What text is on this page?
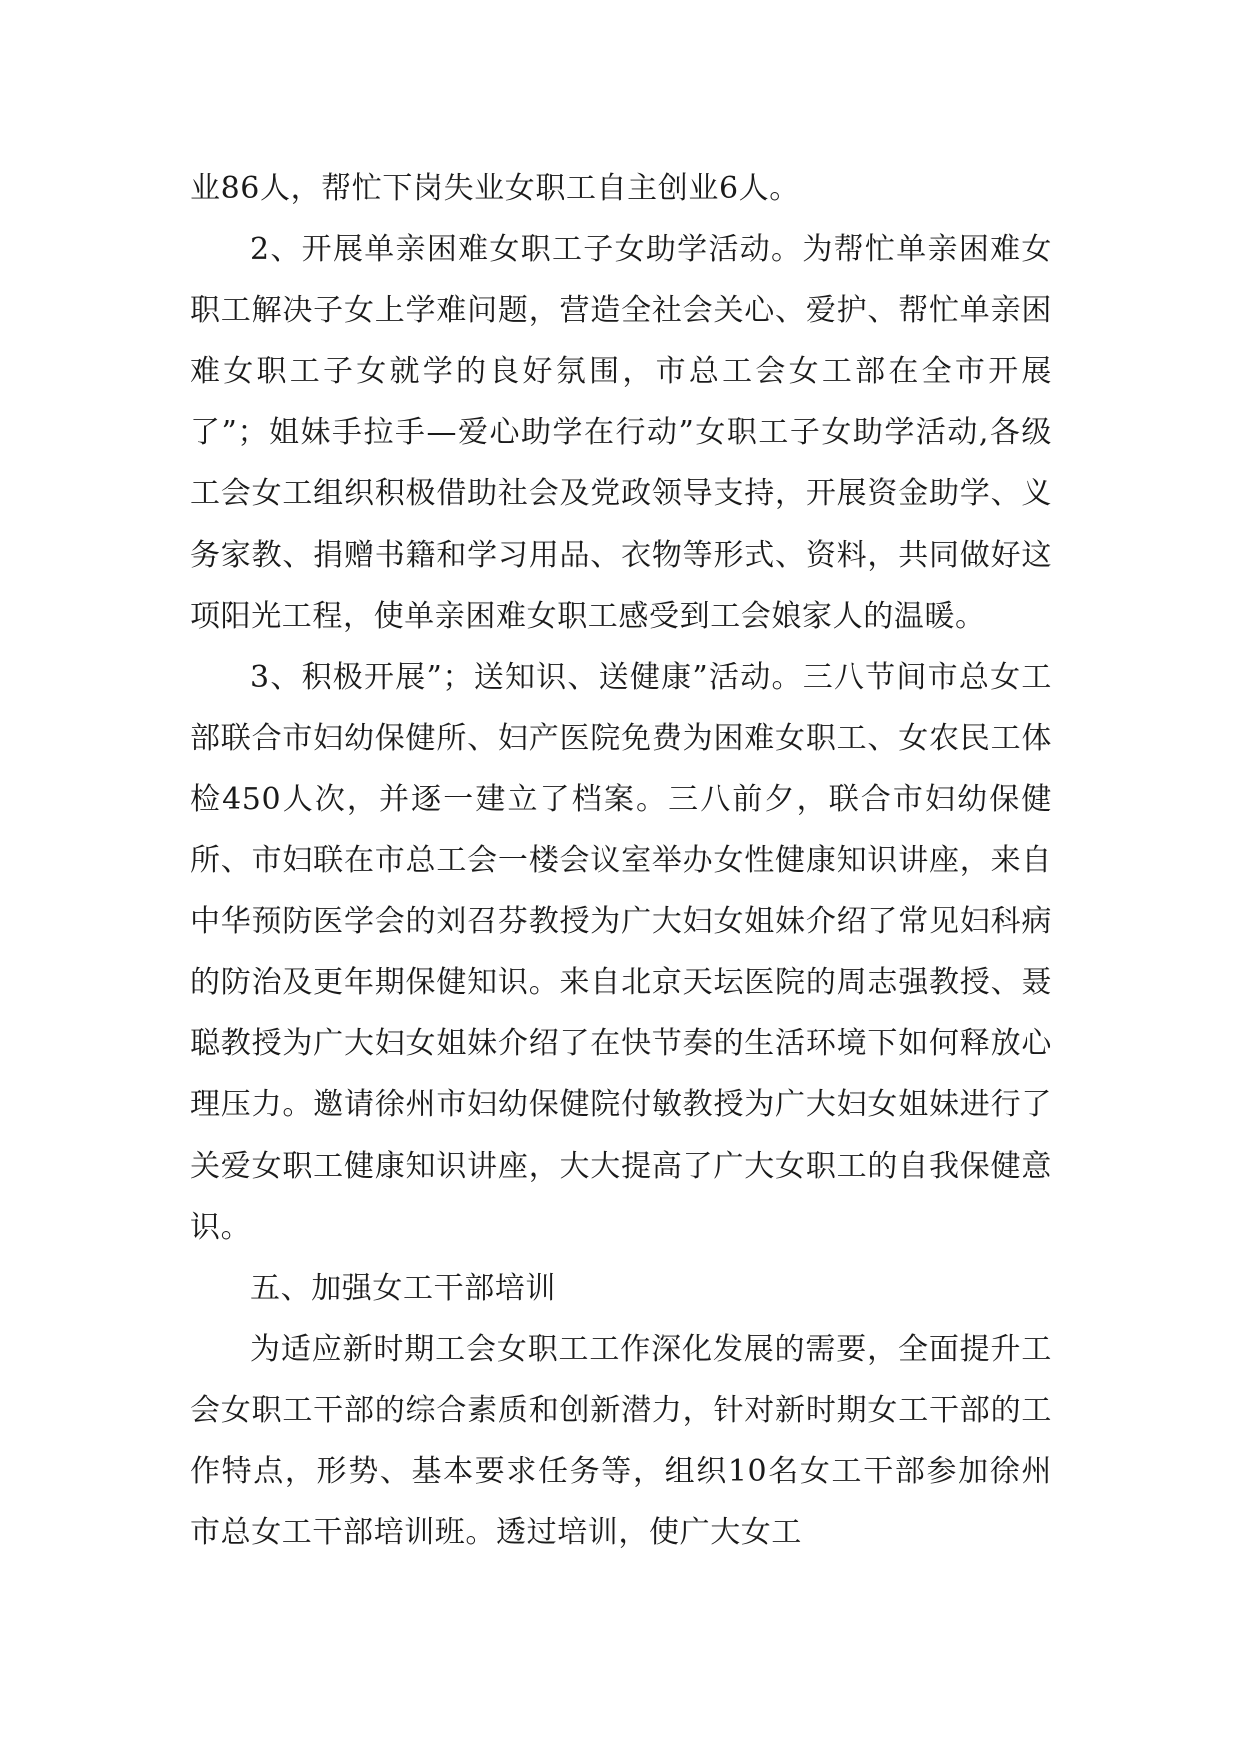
业86人，帮忙下岗失业女职工自主创业6人。

2、开展单亲困难女职工子女助学活动。为帮忙单亲困难女职工解决子女上学难问题，营造全社会关心、爱护、帮忙单亲困难女职工子女就学的良好氛围，市总工会女工部在全市开展了”；姐妹手拉手—爱心助学在行动”女职工子女助学活动,各级工会女工组织积极借助社会及党政领导支持，开展资金助学、义务家教、捐赠书籍和学习用品、衣物等形式、资料，共同做好这项阳光工程，使单亲困难女职工感受到工会娘家人的温暖。

3、积极开展”；送知识、送健康”活动。三八节间市总女工部联合市妇幼保健所、妇产医院免费为困难女职工、女农民工体检450人次，并逐一建立了档案。三八前夕，联合市妇幼保健所、市妇联在市总工会一楼会议室举办女性健康知识讲座，来自中华预防医学会的刘召芬教授为广大妇女姐妹介绍了常见妇科病的防治及更年期保健知识。来自北京天坛医院的周志强教授、聂聪教授为广大妇女姐妹介绍了在快节奏的生活环境下如何释放心理压力。邀请徐州市妇幼保健院付敏教授为广大妇女姐妹进行了关爱女职工健康知识讲座，大大提高了广大女职工的自我保健意识。

五、加强女工干部培训

为适应新时期工会女职工工作深化发展的需要，全面提升工会女职工干部的综合素质和创新潜力，针对新时期女工干部的工作特点，形势、基本要求任务等，组织10名女工干部参加徐州市总女工干部培训班。透过培训，使广大女工
